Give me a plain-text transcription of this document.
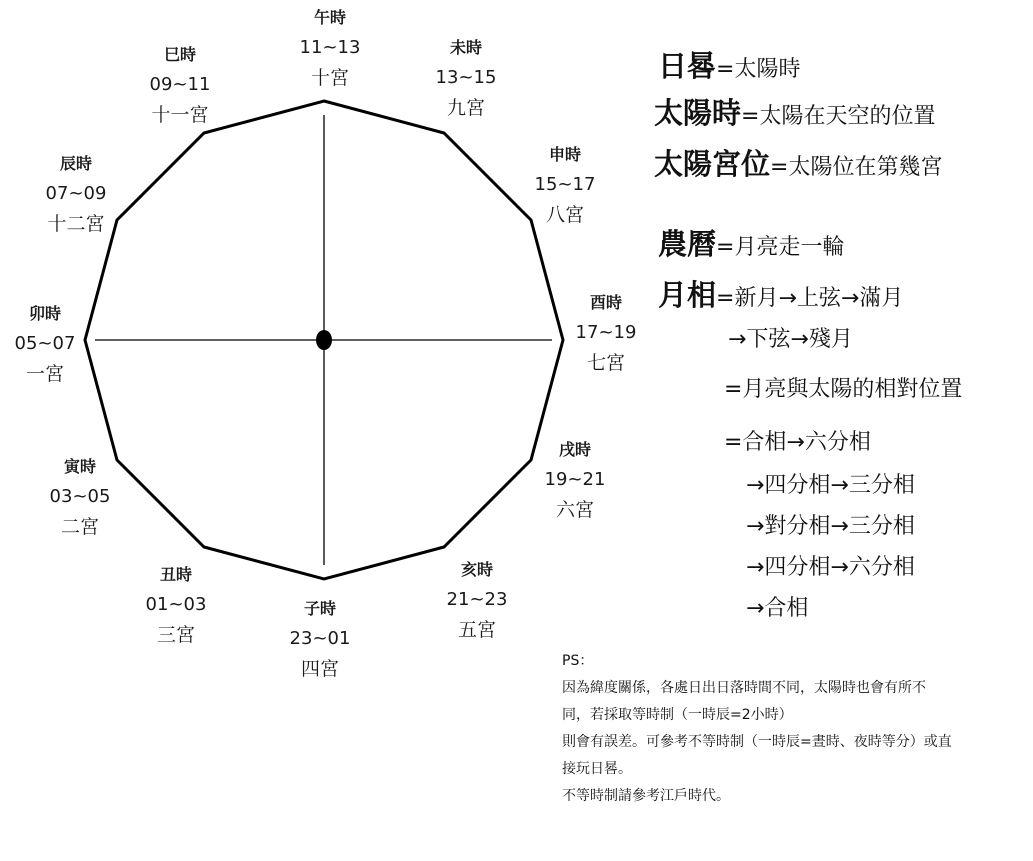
午時
11~13
十宮
未時
13~15
九宮
申時
15~17
八宮
酉時
17~19
七宮
戌時
19~21
六宮
亥時
21~23
五宮
子時
23~01
四宮
丑時
01~03
三宮
寅時
03~05
二宮
卯時
05~07
一宮
辰時
07~09
十二宮
巳時
09~11
十一宮
日晷=太陽時
太陽時=太陽在天空的位置
太陽宮位=太陽位在第幾宮
農曆=月亮走一輪
月相=新月→上弦→滿月
→下弦→殘月
=月亮與太陽的相對位置
=合相→六分相
→四分相→三分相
→對分相→三分相
→四分相→六分相
→合相
PS：
因為緯度關係，各處日出日落時間不同，太陽時也會有所不
同，若採取等時制（一時辰=2小時）
則會有誤差。可參考不等時制（一時辰=晝時、夜時等分）或直
接玩日晷。
不等時制請參考江戶時代。
